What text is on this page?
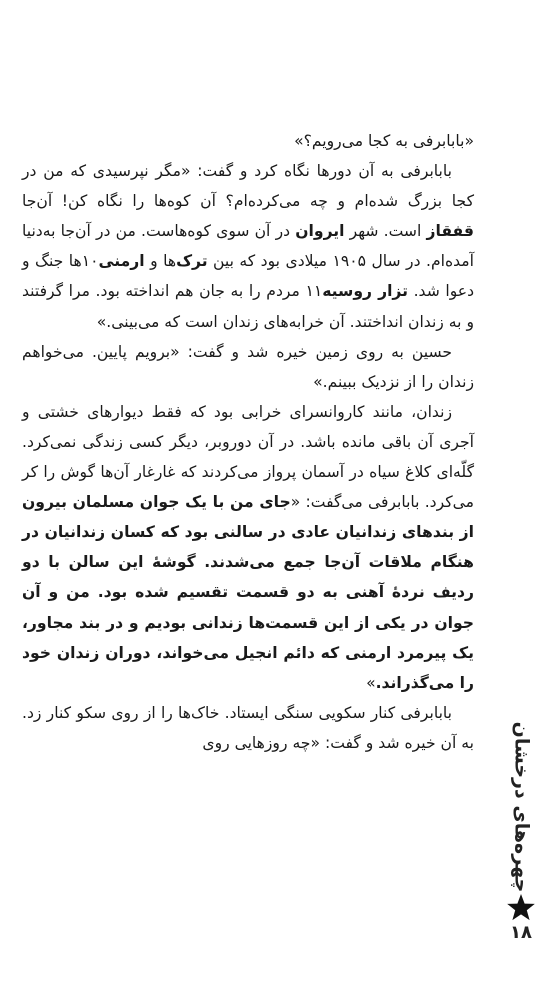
«بابابرفی به کجا می‌رویم؟»

بابابرفی به آن دورها نگاه کرد و گفت: «مگر نپرسیدی که من در کجا بزرگ شده‌ام و چه می‌کرده‌ام؟ آن کوه‌ها را نگاه کن! آن‌جا قفقاز است. شهر ایروان در آن سوی کوه‌هاست. من در آن‌جا به‌دنیا آمده‌ام. در سال ۱۹۰۵ میلادی بود که بین ترک‌ها و ارمنی۱۰‌ها جنگ و دعوا شد. تزار روسیه۱۱ مردم را به جان هم انداخته بود. مرا گرفتند و به زندان انداختند. آن خرابه‌های زندان است که می‌بینی.»

حسین به روی زمین خیره شد و گفت: «برویم پایین. می‌خواهم زندان را از نزدیک ببینم.»

زندان، مانند کاروانسرای خرابی بود که فقط دیوارهای خشتی و آجری آن باقی مانده باشد. در آن دوروبر، دیگر کسی زندگی نمی‌کرد. گلّه‌ای کلاغ سیاه در آسمان پرواز می‌کردند که غارغار آن‌ها گوش را کر می‌کرد. بابابرفی می‌گفت: «جای من با یک جوان مسلمان بیرون از بندهای زندانیان عادی در سالنی بود که کسان زندانیان در هنگام ملاقات آن‌جا جمع می‌شدند. گوشهٔ این سالن با دو ردیف نردهٔ آهنی به دو قسمت تقسیم شده بود. من و آن جوان در یکی از این قسمت‌ها زندانی بودیم و در بند مجاور، یک پیرمرد ارمنی که دائم انجیل می‌خواند، دوران زندان خود را می‌گذراند.»

بابابرفی کنار سکویی سنگی ایستاد. خاک‌ها را از روی سکو کنار زد. به آن خیره شد و گفت: «چه روزهایی روی چهره‌های درخشان
۱۸
